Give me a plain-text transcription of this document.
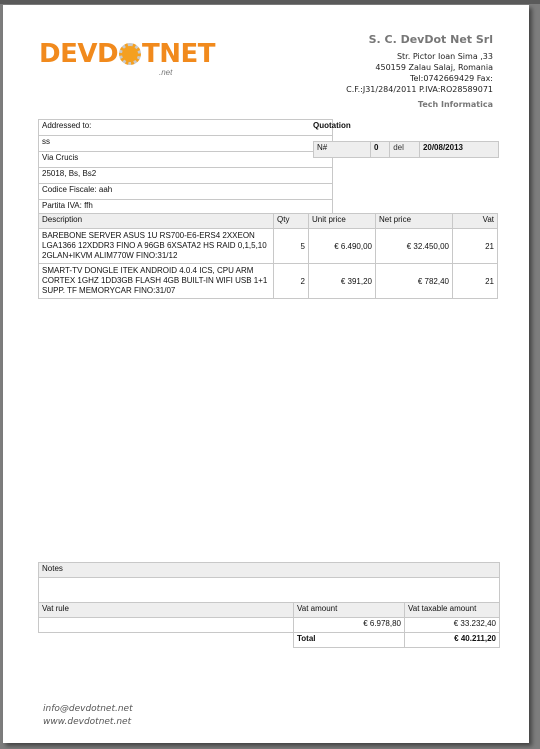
DEVD TNET
.net
S. C. DevDot Net Srl
Str. Pictor Ioan Sima ,33
450159 Zalau Salaj, Romania
Tel:0742669429 Fax:
C.F.:J31/284/2011 P.IVA:RO28589071
Tech Informatica
Addressed to:
ss
Via Crucis
25018, Bs, Bs2
Codice Fiscale: aah
Partita IVA: ffh
Quotation
N#	0	del	20/08/2013
Description	Qty	Unit price	Net price	Vat
BAREBONE SERVER ASUS 1U RS700-E6-ERS4 2XXEON LGA1366 12XDDR3 FINO A 96GB 6XSATA2 HS RAID 0,1,5,10 2GLAN+IKVM ALIM770W FINO:31/12	5	€ 6.490,00	€ 32.450,00	21
SMART-TV DONGLE ITEK ANDROID 4.0.4 ICS, CPU ARM CORTEX 1GHZ 1DD3GB FLASH 4GB BUILT-IN WIFI USB 1+1 SUPP. TF MEMORYCAR FINO:31/07	2	€ 391,20	€ 782,40	21
Notes

Vat rule	Vat amount	Vat taxable amount
	€ 6.978,80	€ 33.232,40
	Total	€ 40.211,20
info@devdotnet.net
www.devdotnet.net
